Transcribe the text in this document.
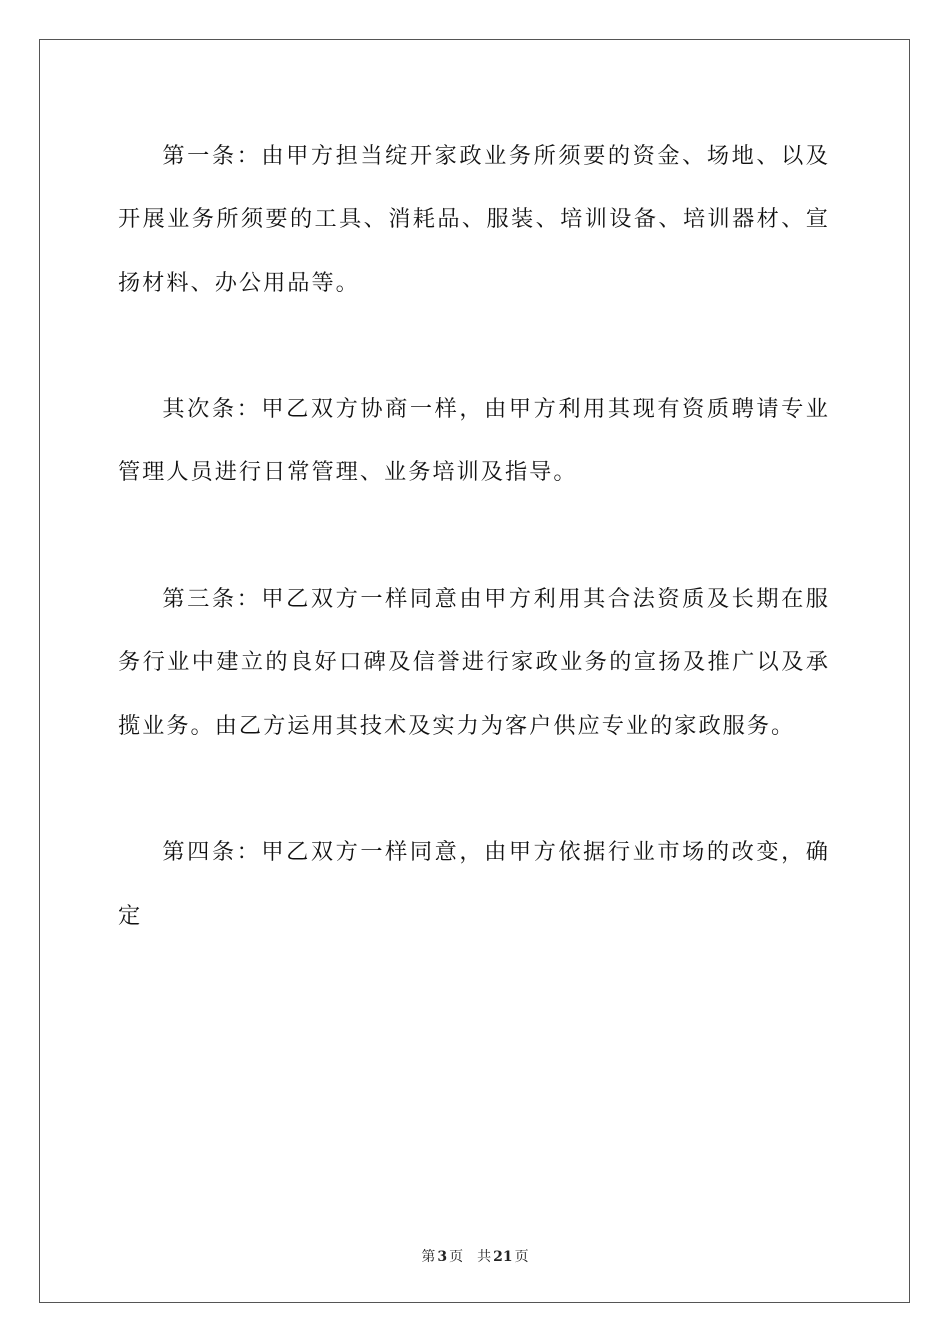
第一条：由甲方担当绽开家政业务所须要的资金、场地、以及开展业务所须要的工具、消耗品、服装、培训设备、培训器材、宣扬材料、办公用品等。

其次条：甲乙双方协商一样，由甲方利用其现有资质聘请专业管理人员进行日常管理、业务培训及指导。

第三条：甲乙双方一样同意由甲方利用其合法资质及长期在服务行业中建立的良好口碑及信誉进行家政业务的宣扬及推广以及承揽业务。由乙方运用其技术及实力为客户供应专业的家政服务。

第四条：甲乙双方一样同意，由甲方依据行业市场的改变，确定

第 3 页 共 21 页
